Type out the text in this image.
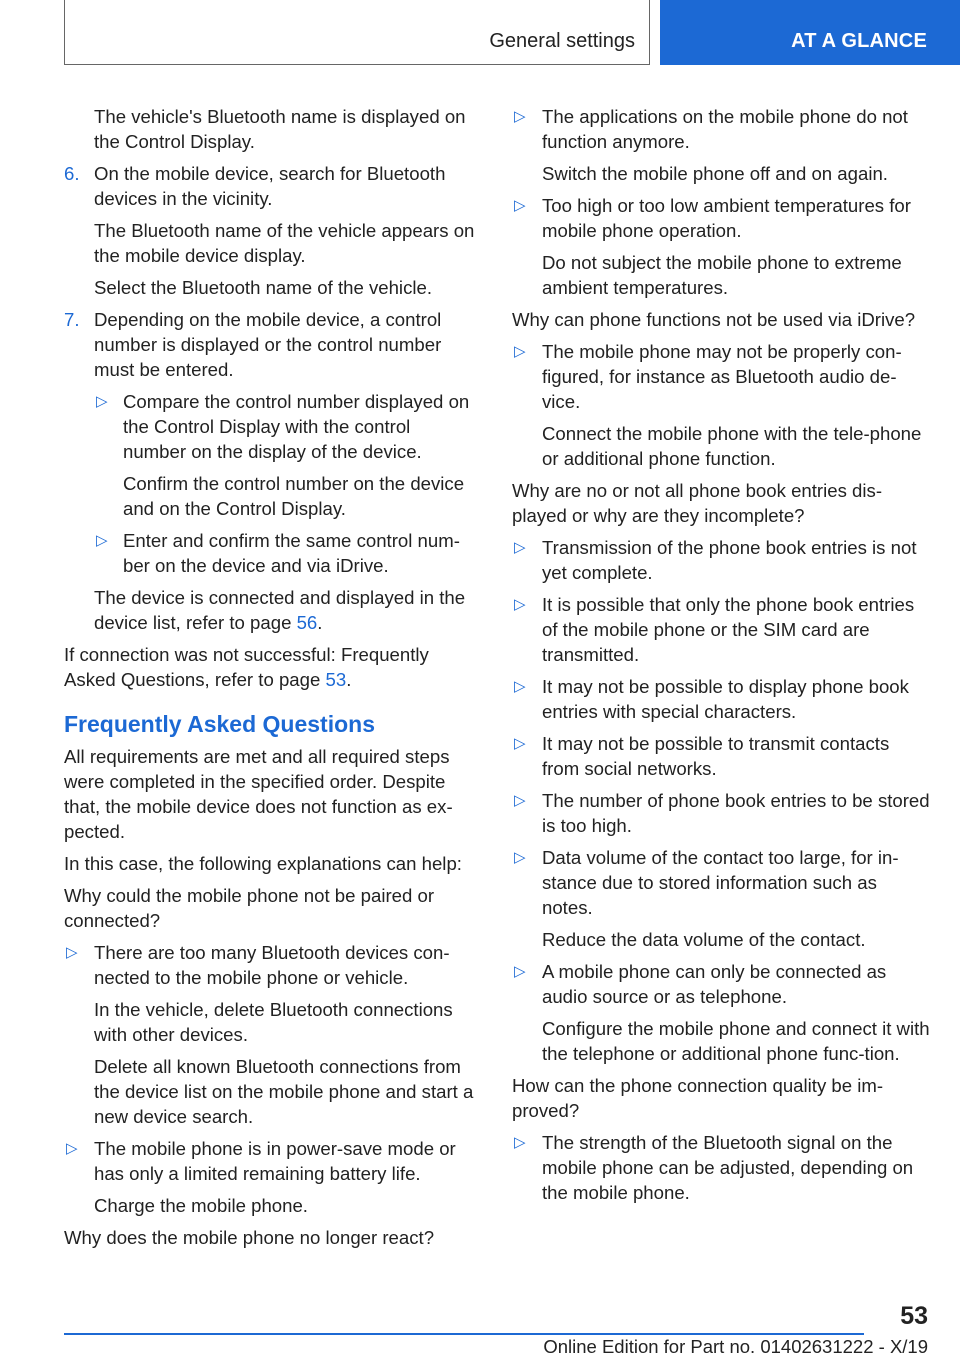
General settings	AT A GLANCE

The vehicle's Bluetooth name is displayed on the Control Display.

6. On the mobile device, search for Bluetooth devices in the vicinity.

The Bluetooth name of the vehicle appears on the mobile device display.

Select the Bluetooth name of the vehicle.

7. Depending on the mobile device, a control number is displayed or the control number must be entered.
▷ Compare the control number displayed on the Control Display with the control number on the display of the device.

Confirm the control number on the device and on the Control Display.

▷ Enter and confirm the same control num-ber on the device and via iDrive.

The device is connected and displayed in the device list, refer to page 56.

If connection was not successful: Frequently Asked Questions, refer to page 53.

Frequently Asked Questions

All requirements are met and all required steps were completed in the specified order. Despite that, the mobile device does not function as ex-pected.

In this case, the following explanations can help:

Why could the mobile phone not be paired or connected?

▷ There are too many Bluetooth devices con-nected to the mobile phone or vehicle.

In the vehicle, delete Bluetooth connections with other devices.

Delete all known Bluetooth connections from the device list on the mobile phone and start a new device search.

▷ The mobile phone is in power-save mode or has only a limited remaining battery life.

Charge the mobile phone.

Why does the mobile phone no longer react?

▷ The applications on the mobile phone do not function anymore.

Switch the mobile phone off and on again.

▷ Too high or too low ambient temperatures for mobile phone operation.

Do not subject the mobile phone to extreme ambient temperatures.

Why can phone functions not be used via iDrive?

▷ The mobile phone may not be properly con-figured, for instance as Bluetooth audio de-vice.

Connect the mobile phone with the tele-phone or additional phone function.

Why are no or not all phone book entries dis-played or why are they incomplete?

▷ Transmission of the phone book entries is not yet complete.
▷ It is possible that only the phone book entries of the mobile phone or the SIM card are transmitted.
▷ It may not be possible to display phone book entries with special characters.
▷ It may not be possible to transmit contacts from social networks.
▷ The number of phone book entries to be stored is too high.
▷ Data volume of the contact too large, for in-stance due to stored information such as notes.

Reduce the data volume of the contact.

▷ A mobile phone can only be connected as audio source or as telephone.

Configure the mobile phone and connect it with the telephone or additional phone func-tion.

How can the phone connection quality be im-proved?

▷ The strength of the Bluetooth signal on the mobile phone can be adjusted, depending on the mobile phone.
53
Online Edition for Part no. 01402631222 - X/19
